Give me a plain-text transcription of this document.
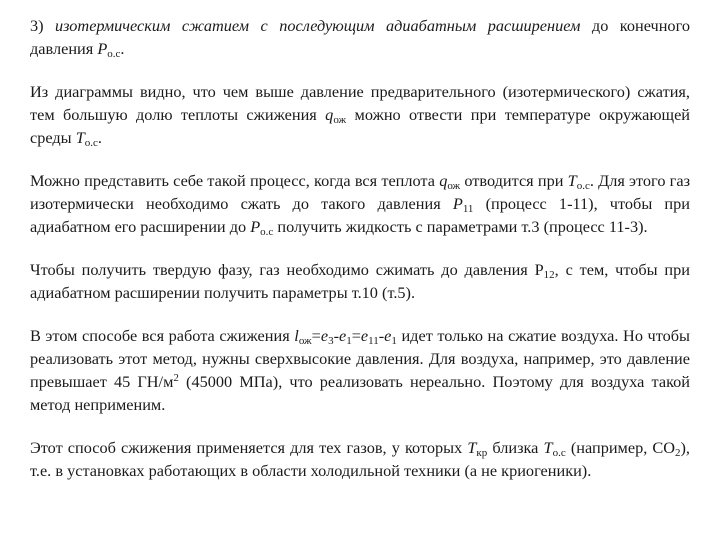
3) изотермическим сжатием с последующим адиабатным расширением до конечного давления $P_{о.с}$.

Из диаграммы видно, что чем выше давление предварительного (изотермического) сжатия, тем большую долю теплоты сжижения $q_{ож}$ можно отвести при температуре окружающей среды $T_{о.с}$.

Можно представить себе такой процесс, когда вся теплота $q_{ож}$ отводится при $T_{о.с}$. Для этого газ изотермически необходимо сжать до такого давления $P_{11}$ (процесс 1-11), чтобы при адиабатном его расширении до $P_{о.с}$ получить жидкость с параметрами т.3 (процесс 11-3).

Чтобы получить твердую фазу, газ необходимо сжимать до давления $Р_{12}$, с тем, чтобы при адиабатном расширении получить параметры т.10 (т.5).

В этом способе вся работа сжижения $l_{ож}=e_3-e_1=e_{11}-e_1$ идет только на сжатие воздуха. Но чтобы реализовать этот метод, нужны сверхвысокие давления. Для воздуха, например, это давление превышает 45 $ГН/м^2$ (45000 МПа), что реализовать нереально. Поэтому для воздуха такой метод неприменим.

Этот способ сжижения применяется для тех газов, у которых $T_{кр}$ близка $T_{о.с}$ (например, $СО_2$), т.е. в установках работающих в области холодильной техники (а не криогеники).
